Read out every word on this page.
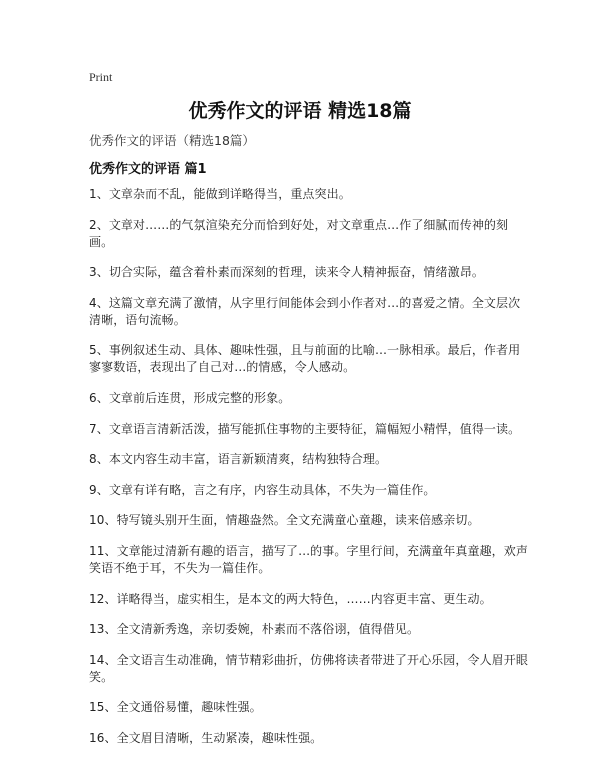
Print
优秀作文的评语 精选18篇
优秀作文的评语（精选18篇）
优秀作文的评语 篇1
1、文章杂而不乱，能做到详略得当，重点突出。
2、文章对……的气氛渲染充分而恰到好处，对文章重点…作了细腻而传神的刻画。
3、切合实际，蕴含着朴素而深刻的哲理，读来令人精神振奋，情绪激昂。
4、这篇文章充满了激情，从字里行间能体会到小作者对…的喜爱之情。全文层次清晰，语句流畅。
5、事例叙述生动、具体、趣味性强，且与前面的比喻…一脉相承。最后，作者用寥寥数语，表现出了自己对…的情感，令人感动。
6、文章前后连贯，形成完整的形象。
7、文章语言清新活泼，描写能抓住事物的主要特征，篇幅短小精悍，值得一读。
8、本文内容生动丰富，语言新颖清爽，结构独特合理。
9、文章有详有略，言之有序，内容生动具体，不失为一篇佳作。
10、特写镜头别开生面，情趣盎然。全文充满童心童趣，读来倍感亲切。
11、文章能过清新有趣的语言，描写了…的事。字里行间，充满童年真童趣，欢声笑语不绝于耳，不失为一篇佳作。
12、详略得当，虚实相生，是本文的两大特色，……内容更丰富、更生动。
13、全文清新秀逸，亲切委婉，朴素而不落俗诩，值得借见。
14、全文语言生动准确，情节精彩曲折，仿佛将读者带进了开心乐园，令人眉开眼笑。
15、全文通俗易懂，趣味性强。
16、全文眉目清晰，生动紧凑，趣味性强。
